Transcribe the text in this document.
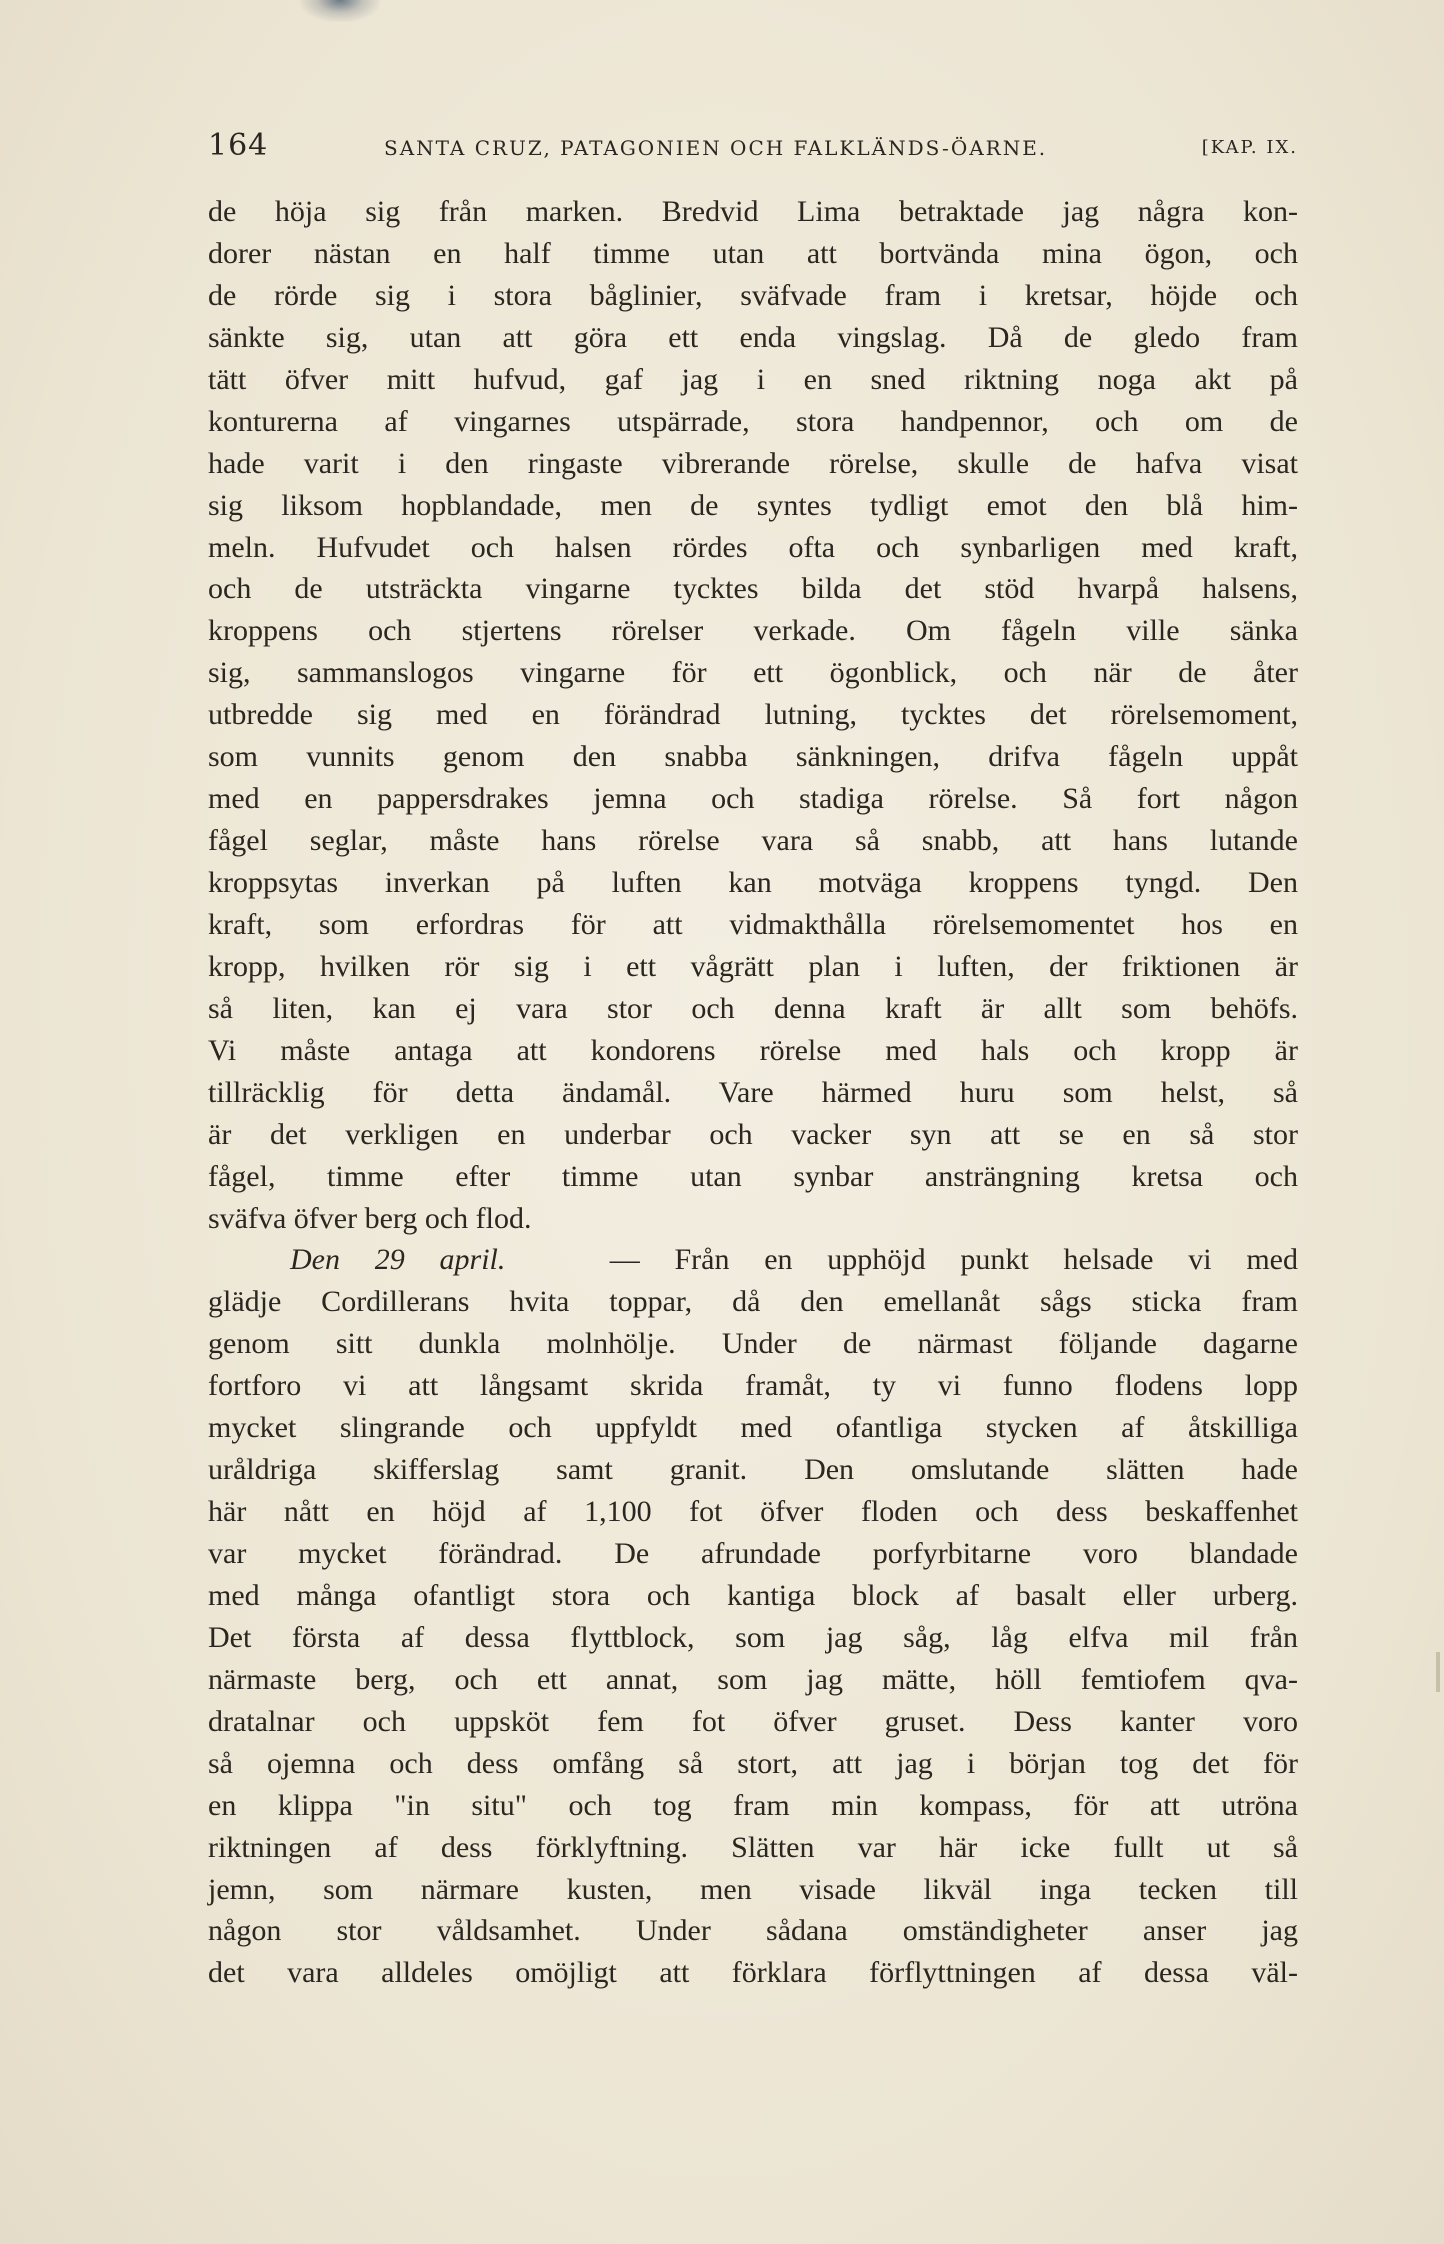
164	SANTA CRUZ, PATAGONIEN OCH FALKLÄNDS-ÖARNE.	[KAP. IX.
de höja sig från marken. Bredvid Lima betraktade jag några kon-
dorer nästan en half timme utan att bortvända mina ögon, och
de rörde sig i stora båglinier, sväfvade fram i kretsar, höjde och
sänkte sig, utan att göra ett enda vingslag. Då de gledo fram
tätt öfver mitt hufvud, gaf jag i en sned riktning noga akt på
konturerna af vingarnes utspärrade, stora handpennor, och om de
hade varit i den ringaste vibrerande rörelse, skulle de hafva visat
sig liksom hopblandade, men de syntes tydligt emot den blå him-
meln. Hufvudet och halsen rördes ofta och synbarligen med kraft,
och de utsträckta vingarne tycktes bilda det stöd hvarpå halsens,
kroppens och stjertens rörelser verkade. Om fågeln ville sänka
sig, sammanslogos vingarne för ett ögonblick, och när de åter
utbredde sig med en förändrad lutning, tycktes det rörelsemoment,
som vunnits genom den snabba sänkningen, drifva fågeln uppåt
med en pappersdrakes jemna och stadiga rörelse. Så fort någon
fågel seglar, måste hans rörelse vara så snabb, att hans lutande
kroppsytas inverkan på luften kan motväga kroppens tyngd. Den
kraft, som erfordras för att vidmakthålla rörelsemomentet hos en
kropp, hvilken rör sig i ett vågrätt plan i luften, der friktionen är
så liten, kan ej vara stor och denna kraft är allt som behöfs.
Vi måste antaga att kondorens rörelse med hals och kropp är
tillräcklig för detta ändamål. Vare härmed huru som helst, så
är det verkligen en underbar och vacker syn att se en så stor
fågel, timme efter timme utan synbar ansträngning kretsa och
sväfva öfver berg och flod.
Den 29 april.	— Från en upphöjd punkt helsade vi med
glädje Cordillerans hvita toppar, då den emellanåt sågs sticka fram
genom sitt dunkla molnhölje. Under de närmast följande dagarne
fortforo vi att långsamt skrida framåt, ty vi funno flodens lopp
mycket slingrande och uppfyldt med ofantliga stycken af åtskilliga
uråldriga skifferslag samt granit. Den omslutande slätten hade
här nått en höjd af 1,100 fot öfver floden och dess beskaffenhet
var mycket förändrad. De afrundade porfyrbitarne voro blandade
med många ofantligt stora och kantiga block af basalt eller urberg.
Det första af dessa flyttblock, som jag såg, låg elfva mil från
närmaste berg, och ett annat, som jag mätte, höll femtiofem qva-
dratalnar och uppsköt fem fot öfver gruset. Dess kanter voro
så ojemna och dess omfång så stort, att jag i början tog det för
en klippa "in situ" och tog fram min kompass, för att utröna
riktningen af dess förklyftning. Slätten var här icke fullt ut så
jemn, som närmare kusten, men visade likväl inga tecken till
någon stor våldsamhet. Under sådana omständigheter anser jag
det vara alldeles omöjligt att förklara förflyttningen af dessa väl-
